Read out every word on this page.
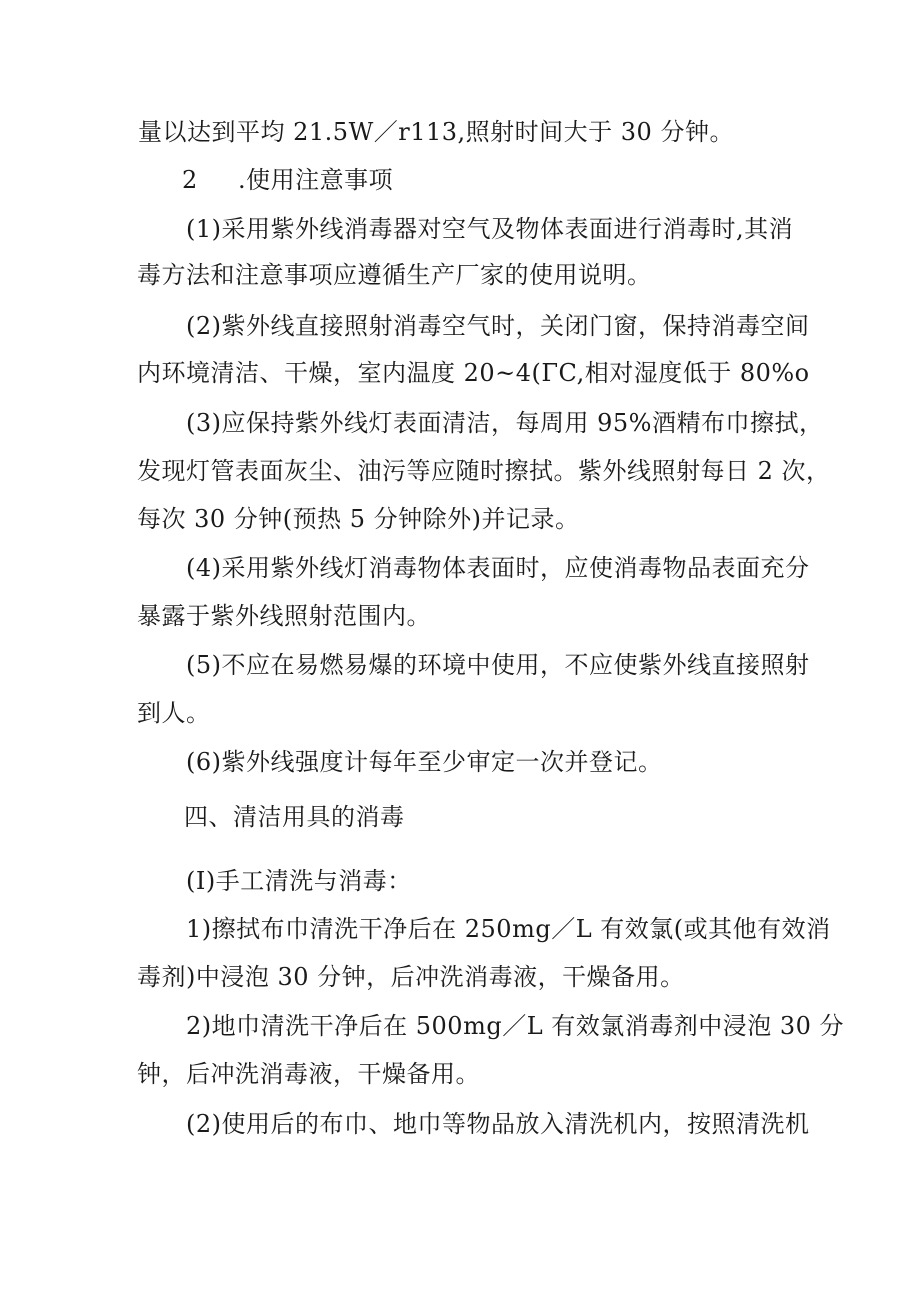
量以达到平均 21.5W／r113,照射时间大于 30 分钟。
2 .使用注意事项
(1)采用紫外线消毒器对空气及物体表面进行消毒时,其消
毒方法和注意事项应遵循生产厂家的使用说明。
(2)紫外线直接照射消毒空气时，关闭门窗，保持消毒空间
内环境清洁、干燥，室内温度 20~4(ΓC,相对湿度低于 80%o
(3)应保持紫外线灯表面清洁，每周用 95%酒精布巾擦拭，
发现灯管表面灰尘、油污等应随时擦拭。紫外线照射每日 2 次，
每次 30 分钟(预热 5 分钟除外)并记录。
(4)采用紫外线灯消毒物体表面时，应使消毒物品表面充分
暴露于紫外线照射范围内。
(5)不应在易燃易爆的环境中使用，不应使紫外线直接照射
到人。
(6)紫外线强度计每年至少审定一次并登记。
四、清洁用具的消毒
(I)手工清洗与消毒：
1)擦拭布巾清洗干净后在 250mg／L 有效氯(或其他有效消
毒剂)中浸泡 30 分钟，后冲洗消毒液，干燥备用。
2)地巾清洗干净后在 500mg／L 有效氯消毒剂中浸泡 30 分
钟，后冲洗消毒液，干燥备用。
(2)使用后的布巾、地巾等物品放入清洗机内，按照清洗机
